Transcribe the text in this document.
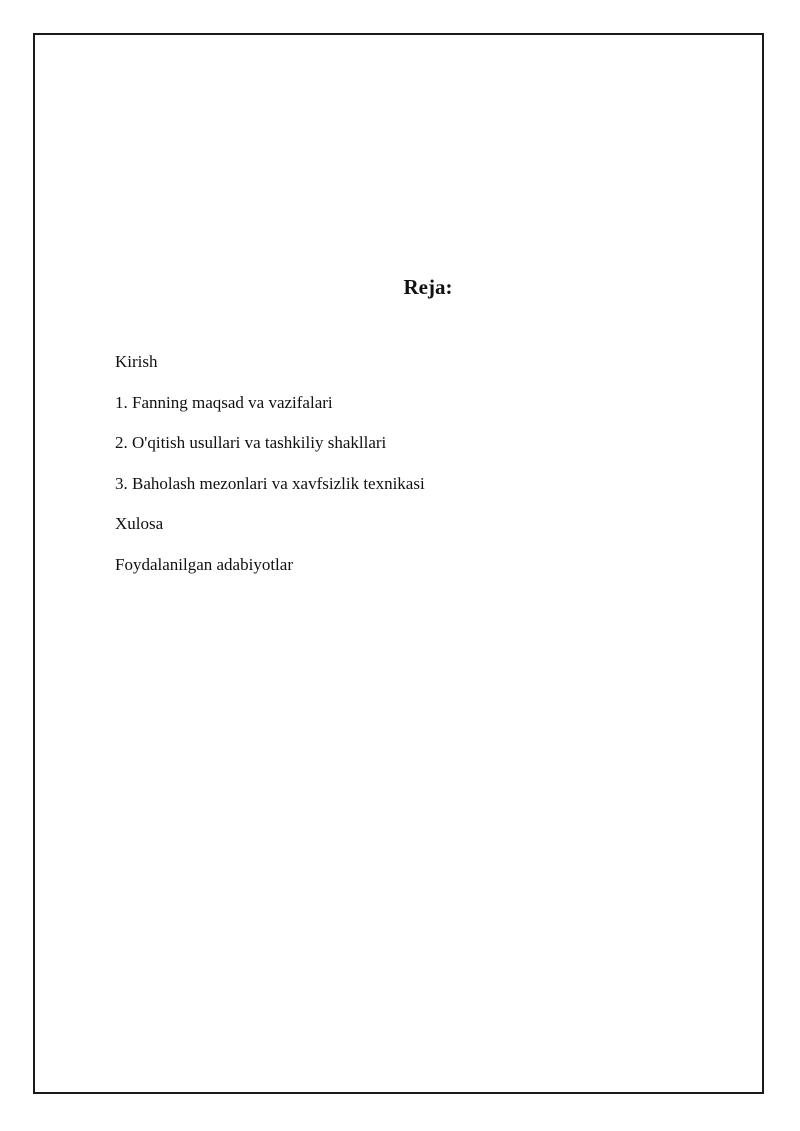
Reja:
Kirish
1. Fanning maqsad va vazifalari
2. O'qitish usullari va tashkiliy shakllari
3. Baholash mezonlari va xavfsizlik texnikasi
Xulosa
Foydalanilgan adabiyotlar
